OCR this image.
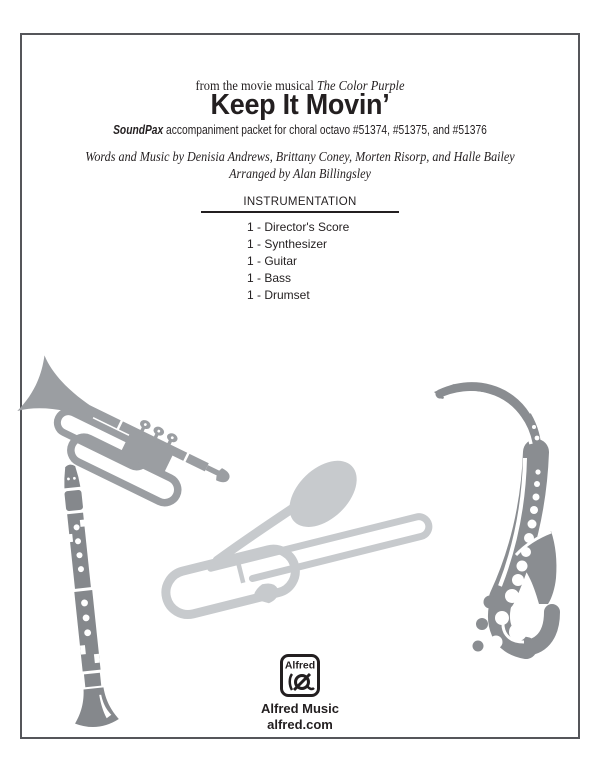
from the movie musical The Color Purple
Keep It Movin’
SoundPax accompaniment packet for choral octavo #51374, #51375, and #51376
Words and Music by Denisia Andrews, Brittany Coney, Morten Risorp, and Halle Bailey
Arranged by Alan Billingsley
INSTRUMENTATION
1 - Director's Score
1 - Synthesizer
1 - Guitar
1 - Bass
1 - Drumset
Alfred
Alfred Music
alfred.com
